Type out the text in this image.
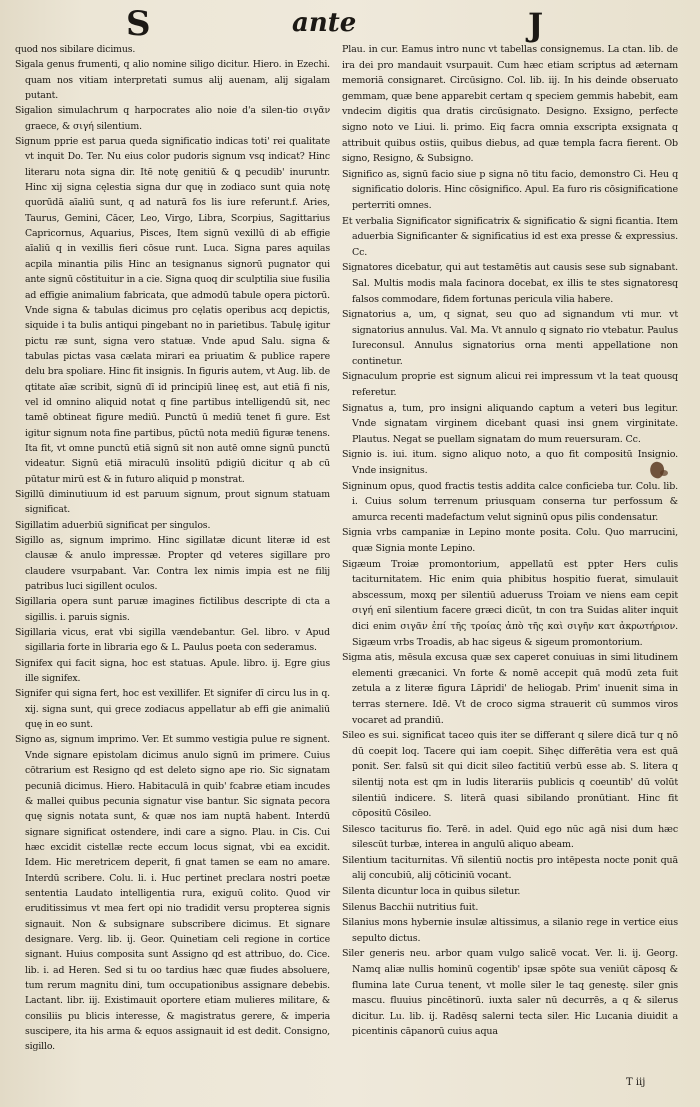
S	ante	J

quod nos sibilare dicimus.

Sigala genus frumenti, q alio nomine siligo dicitur. Hiero. in Ezechi. quam nos vitiam interpretati sumus alij auenam, alij sigalam putant.

Sigalion simulachrum q harpocrates alio noie d'a silen-tio σιγᾶν graece, & σιγή silentium.

Signum pprie est parua queda significatio indicas toti' rei qualitate vt inquit Do. Ter. Nu eius color pudoris signum vsq indicat? Hinc literaru nota signa dir. Itē notę genitiū & ꝗ pecudib' inuruntr. Hinc xij signa cęlestia signa dur quę in zodiaco sunt quia notę quorūdā aīaliū sunt, q ad naturā fos lis iure referunt.f. Aries, Taurus, Gemini, Cācer, Leo, Virgo, Libra, Scorpius, Sagittarius Capricornus, Aquarius, Pisces, Item signū vexillū di ab effigie aīaliū q in vexillis fieri cōsue runt. Luca. Signa pares aquilas acpila minantia pilis Hinc an tesignanus signorū pugnator qui ante signū cōstituitur in a cie. Signa quoq dir sculptilia siue fusilia ad effigie animalium fabricata, que admodū tabule opera pictorū. Vnde signa & tabulas dicimus pro cęlatis operibus acq depictis, siquide i ta bulis antiqui pingebant no in parietibus. Tabulę igitur pictu ræ sunt, signa vero statuæ. Vnde apud Salu. signa & tabulas pictas vasa cælata mirari ea priuatim & publice rapere delu bra spoliare. Hinc fit insignis. In figuris autem, vt Aug. lib. de qtitate aīæ scribit, signū dī id principiū lineę est, aut etiā fi nis, vel id omnino aliquid notat q fine partibus intelligendū sit, nec tamē obtineat figure mediū. Punctū ū mediū tenet fi gure. Est igitur signum nota fine partibus, pūctū nota mediū figuræ tenens. Ita fit, vt omne punctū etiā signū sit non autē omne signū punctū videatur. Signū etiā miraculū insolitū pdigiū dicitur q ab cū pūtatur mirū est & in futuro aliquid p monstrat.

Sigillū diminutiuum id est paruum signum, prout signum statuam significat.

Sigillatim aduerbiū significat per singulos.

Sigillo as, signum imprimo. Hinc sigillatæ dicunt literæ id est clausæ & anulo impressæ. Propter qd veteres sigillare pro claudere vsurpabant. Var. Contra lex nimis impia est ne filij patribus luci sigillent oculos.

Sigillaria opera sunt paruæ imagines fictilibus descripte di cta a sigillis. i. paruis signis.

Sigillaria vicus, erat vbi sigilla vændebantur. Gel. libro. v Apud sigillaria forte in libraria ego & L. Paulus poeta con sederamus.

Signifex qui facit signa, hoc est statuas. Apule. libro. ij. Egre gius ille signifex.

Signifer qui signa fert, hoc est vexillifer. Et signifer dī circu lus in q. xij. signa sunt, qui grece zodiacus appellatur ab effi gie animaliū quę in eo sunt.

Signo as, signum imprimo. Ver. Et summo vestigia pulue re signent. Vnde signare epistolam dicimus anulo signū im primere. Cuius cōtrarium est Resigno qd est deleto signo ape rio. Sic signatam pecuniā dicimus. Hiero. Habitaculā in quib' fcabræ etiam incudes & mallei quibus pecunia signatur vise bantur. Sic signata pecora quę signis notata sunt, & quæ nos iam nuptā habent. Interdū signare significat ostendere, indi care a signo. Plau. in Cis. Cui hæc excidit cistellæ recte eccum locus signat, vbi ea excidit. Idem. Hic meretricem deperit, fi gnat tamen se eam no amare. Interdū scribere. Colu. li. i. Huc pertinet preclara nostri poetæ sententia Laudato intelligentia rura, exiguū colito. Quod vir eruditissimus vt mea fert opi nio tradidit versu propterea signis signauit. Non & subsignare subscribere dicimus. Et signare designare. Verg. lib. ij. Geor. Quinetiam celi regione in cortice signant. Huius composita sunt Assigno qd est attribuo, do. Cice. lib. i. ad Heren. Sed si tu oo tardius hæc quæ fiudes absoluere, tum rerum magnitu dini, tum occupationibus assignare debebis. Lactant. libr. iij. Existimauit oportere etiam mulieres militare, & consiliis pu blicis interesse, & magistratus gerere, & imperia suscipere, ita his arma & equos assignauit id est dedit. Consigno, sigillo.

Plau. in cur. Eamus intro nunc vt tabellas consignemus. La ctan. lib. de ira dei pro mandauit vsurpauit. Cum hæc etiam scriptus ad æternam memoriā consignaret. Circūsigno. Col. lib. iij. In his deinde obseruato gemmam, quæ bene apparebit certam q speciem gemmis habebit, eam vndecim digitis qua dratis circūsignato. Designo. Exsigno, perfecte signo noto ve Liui. li. primo. Eiq facra omnia exscripta exsignata q attribuit quibus ostiis, quibus diebus, ad quæ templa facra fierent. Ob signo, Resigno, & Subsigno.

Significo as, signū facio siue p signa nō titu facio, demonstro Ci. Heu q significatio doloris. Hinc cōsignifico. Apul. Ea furo ris cōsignificatione perterriti omnes.

Et verbalia Significator significatrix & significatio & signi ficantia. Item aduerbia Significanter & significatius id est exa presse & expressius. Cc.

Signatores dicebatur, qui aut testamētis aut causis sese sub signabant. Sal. Multis modis mala facinora docebat, ex illis te stes signatoresq falsos commodare, fidem fortunas pericula vilia habere.

Signatorius a, um, q signat, seu quo ad signandum vti mur. vt signatorius annulus. Val. Ma. Vt annulo q signato rio vtebatur. Paulus Iureconsul. Annulus signatorius orna menti appellatione non continetur.

Signaculum proprie est signum alicui rei impressum vt la teat quousq referetur.

Signatus a, tum, pro insigni aliquando captum a veteri bus legitur. Vnde signatam virginem dicebant quasi insi gnem virginitate. Plautus. Negat se puellam signatam do mum reuersuram. Cc.

Signio is. iui. itum. signo aliquo noto, a quo fit compositū Insignio. Vnde insignitus.

Signinum opus, quod fractis testis addita calce conficieba tur. Colu. lib. i. Cuius solum terrenum priusquam conserna tur perfossum & amurca recenti madefactum velut signinū opus pilis condensatur.

Signia vrbs campaniæ in Lepino monte posita. Colu. Quo marrucini, quæ Signia monte Lepino.

Sigæum Troiæ promontorium, appellatū est ppter Hers culis taciturnitatem. Hic enim quia phibitus hospitio fuerat, simulauit abscessum, moxq per silentiū adueruss Troiam ve niens eam cepit σιγή enī silentium facere græci dicūt, tn con tra Suidas aliter inquit dici enim σιγᾶν ἐπί τῆς τροίας ἀπὸ τῆς καὶ σιγῆν κατ ἀκρωτήριον. Sigæum vrbs Troadis, ab hac sigeus & sigeum promontorium.

Sigma atis, mēsula excusa quæ sex caperet conuiuas in simi litudinem elementi græcanici. Vn forte & nomē accepit quā modū zeta fuit zetula a z literæ figura Lāpridi' de heliogab. Prim' inuenit sima in terras sternere. Idē. Vt de croco sigma strauerit cū summos viros vocaret ad prandiū.

Sileo es sui. significat taceo quis iter se differant q silere dicā tur q nō dū coepit loq. Tacere qui iam coepit. Sihęc differētia vera est quā ponit. Ser. falsū sit qui dicit sileo factitiū verbū esse ab. S. litera q silentij nota est qm in ludis literariis publicis q coeuntib' dū volūt silentiū indicere. S. literā quasi sibilando pronūtiant. Hinc fit cōpositū Cōsileo.

Silesco taciturus fio. Terē. in adel. Quid ego nūc agā nisi dum hæc silescūt turbæ, interea in angulū aliquo abeam.

Silentium taciturnitas. Vñ silentiū noctis pro intēpesta nocte ponit quā alij concubiū, alij cōticiniū vocant.

Silenta dicuntur loca in quibus siletur.

Silenus Bacchii nutritius fuit.

Silanius mons hybernie insulæ altissimus, a silanio rege in vertice eius sepulto dictus.

Siler generis neu. arbor quam vulgo salicē vocat. Ver. li. ij. Georg. Namq aliæ nullis hominū cogentib' ipsæ spōte sua veniūt cāposq & flumina late Curua tenent, vt molle siler le taq genestę. siler gnis mascu. fluuius pincētinorū. iuxta saler nū decurrēs, a q & silerus dicitur. Lu. lib. ij. Radēsq salerni tecta siler. Hic Lucania diuidit a picentinis cāpanorū cuius aqua

T iij
